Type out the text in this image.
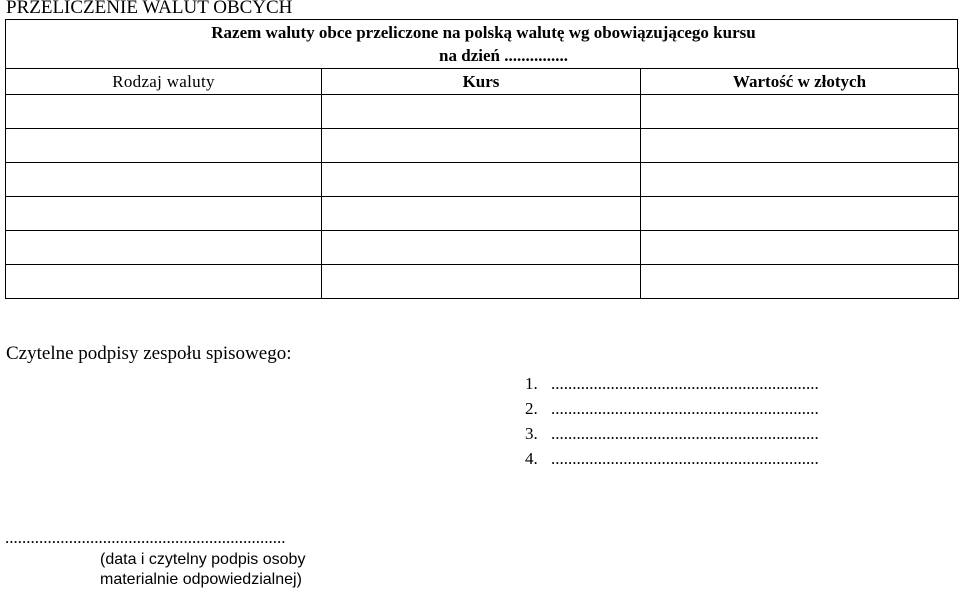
PRZELICZENIE WALUT OBCYCH
Razem waluty obce przeliczone na polską walutę wg obowiązującego kursu
na dzień ...............
Rodzaj waluty	Kurs	Wartość w złotych

Czytelne podpisy zespołu spisowego:
1. ...............................................................
2. ...............................................................
3. ...............................................................
4. ...............................................................
..................................................................
(data i czytelny podpis osoby
materialnie odpowiedzialnej)
